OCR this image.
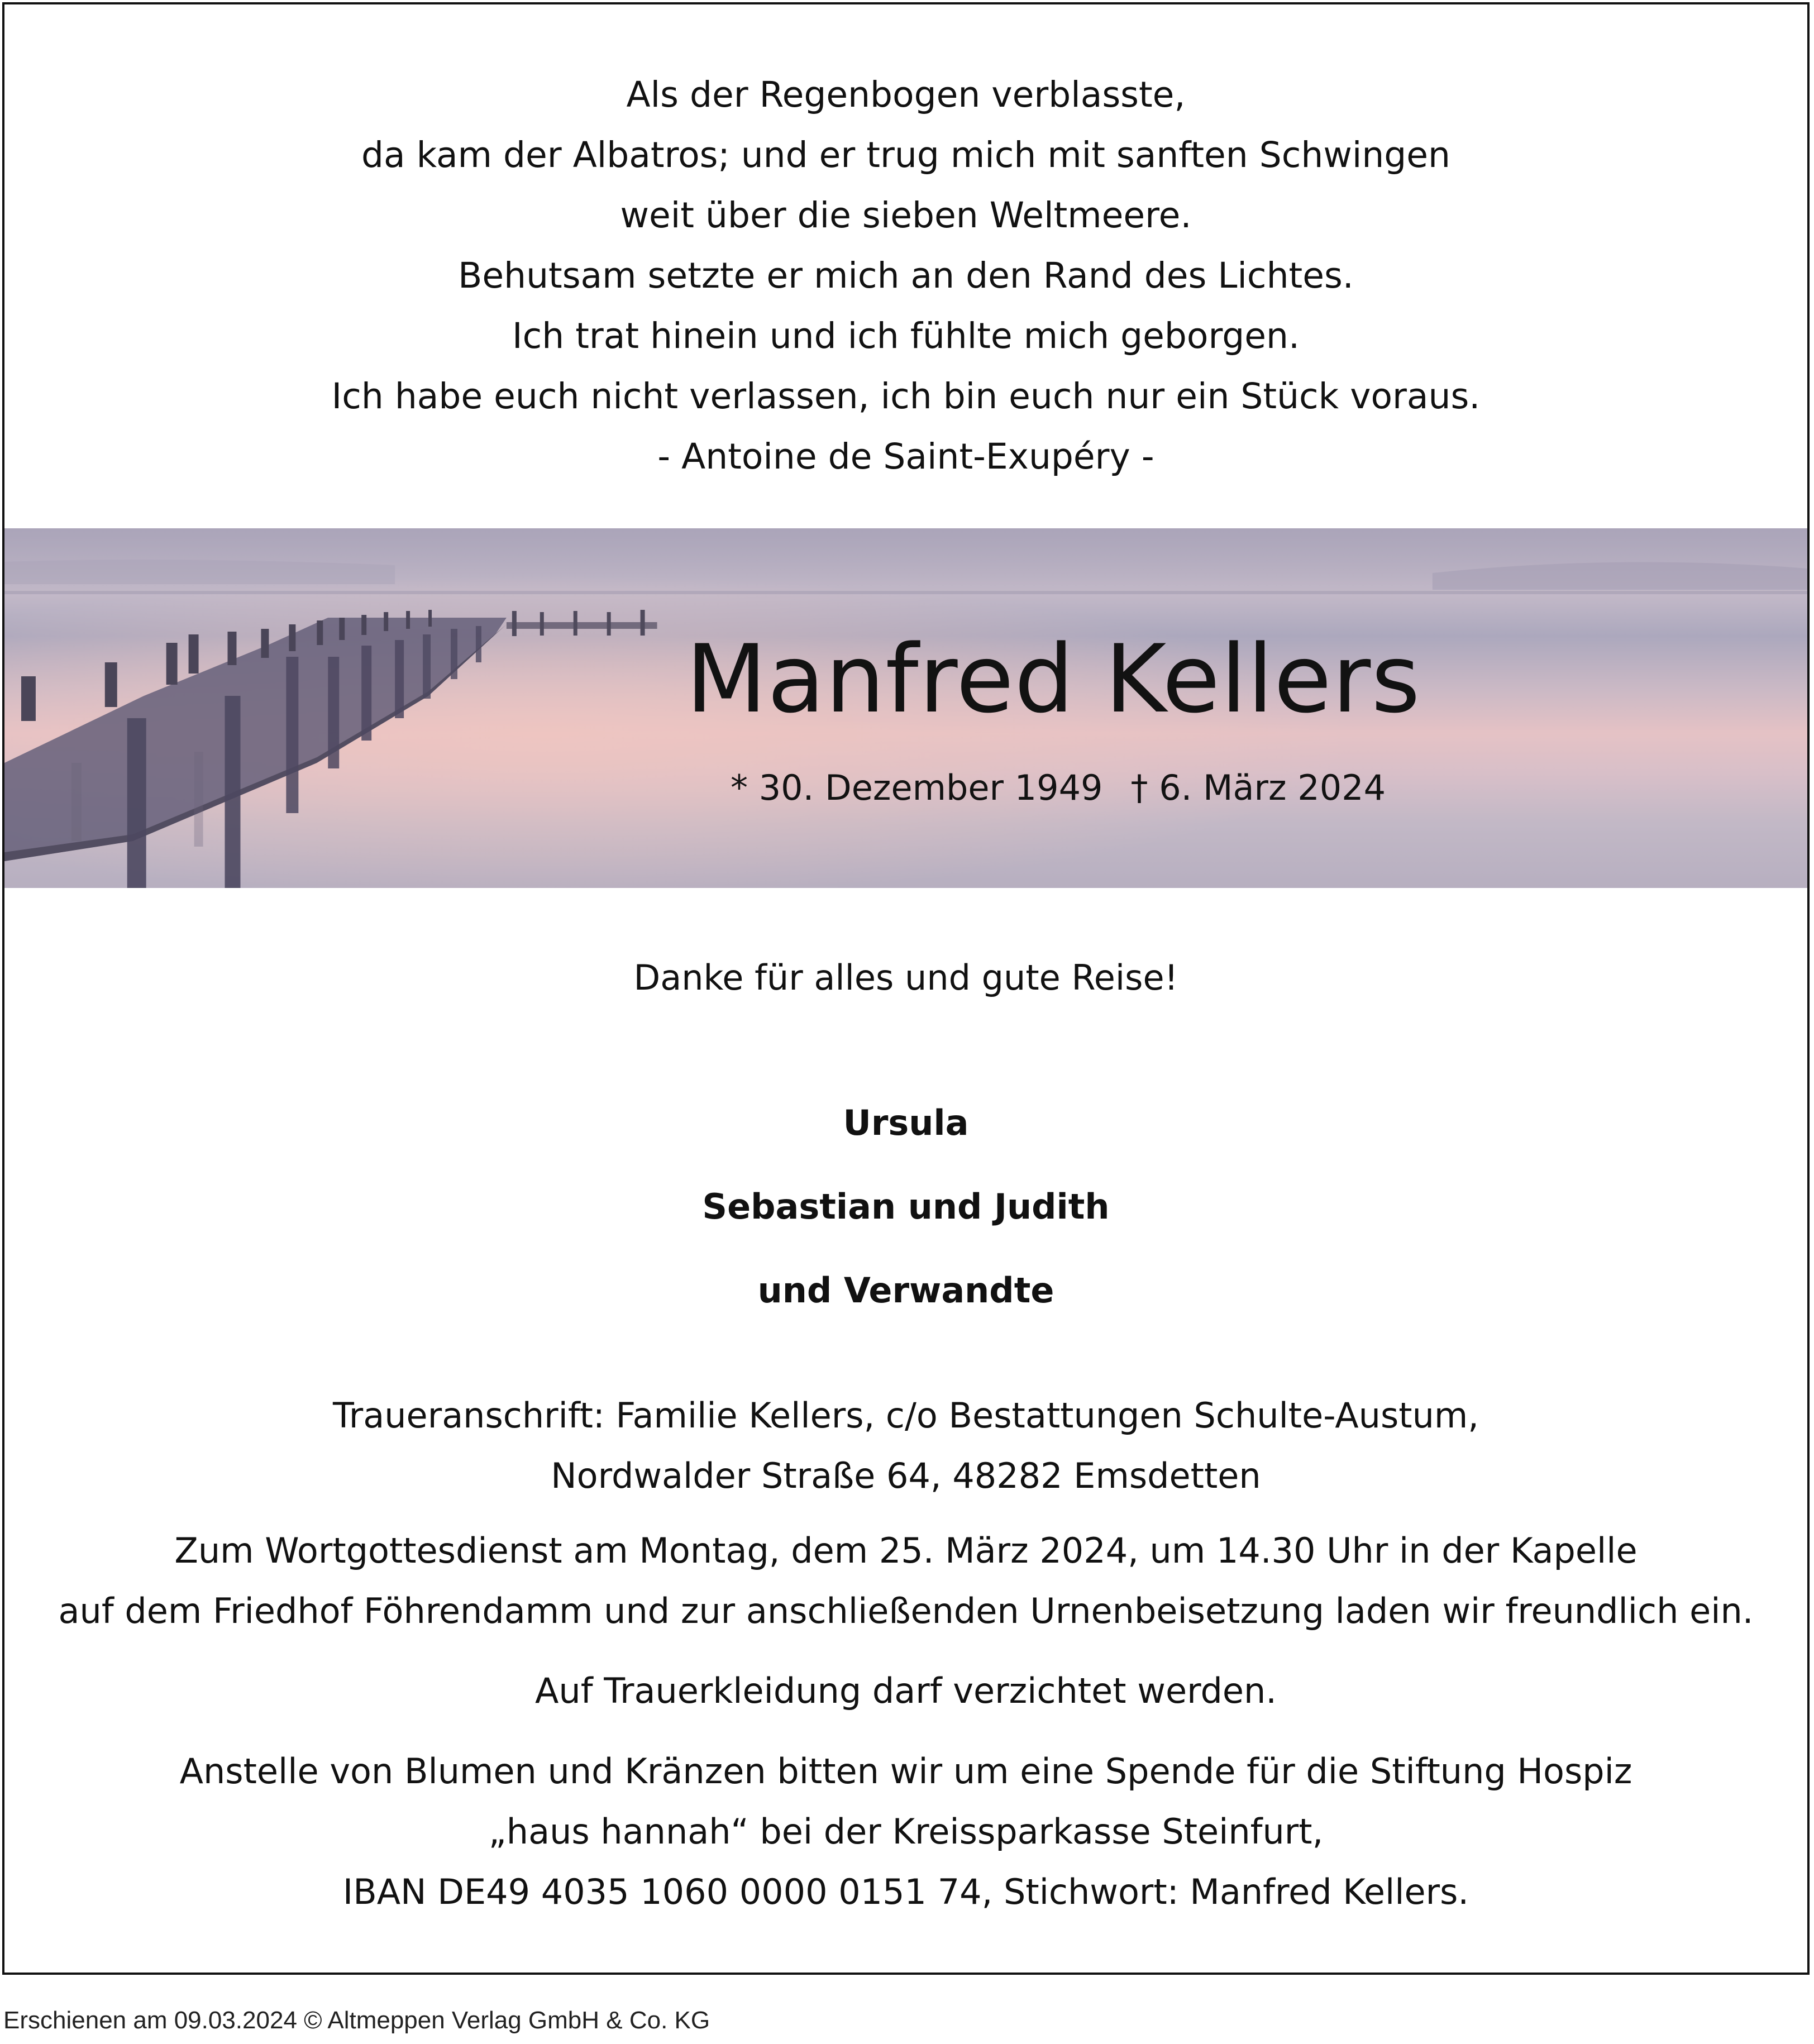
Als der Regenbogen verblasste,
da kam der Albatros; und er trug mich mit sanften Schwingen
weit über die sieben Weltmeere.
Behutsam setzte er mich an den Rand des Lichtes.
Ich trat hinein und ich fühlte mich geborgen.
Ich habe euch nicht verlassen, ich bin euch nur ein Stück voraus.
- Antoine de Saint-Exupéry -
Manfred Kellers
* 30. Dezember 1949 † 6. März 2024
Danke für alles und gute Reise!
Ursula
Sebastian und Judith
und Verwandte
Traueranschrift: Familie Kellers, c/o Bestattungen Schulte-Austum,
Nordwalder Straße 64, 48282 Emsdetten
Zum Wortgottesdienst am Montag, dem 25. März 2024, um 14.30 Uhr in der Kapelle
auf dem Friedhof Föhrendamm und zur anschließenden Urnenbeisetzung laden wir freundlich ein.
Auf Trauerkleidung darf verzichtet werden.
Anstelle von Blumen und Kränzen bitten wir um eine Spende für die Stiftung Hospiz
„haus hannah“ bei der Kreissparkasse Steinfurt,
IBAN DE49 4035 1060 0000 0151 74, Stichwort: Manfred Kellers.
Erschienen am 09.03.2024 © Altmeppen Verlag GmbH & Co. KG
